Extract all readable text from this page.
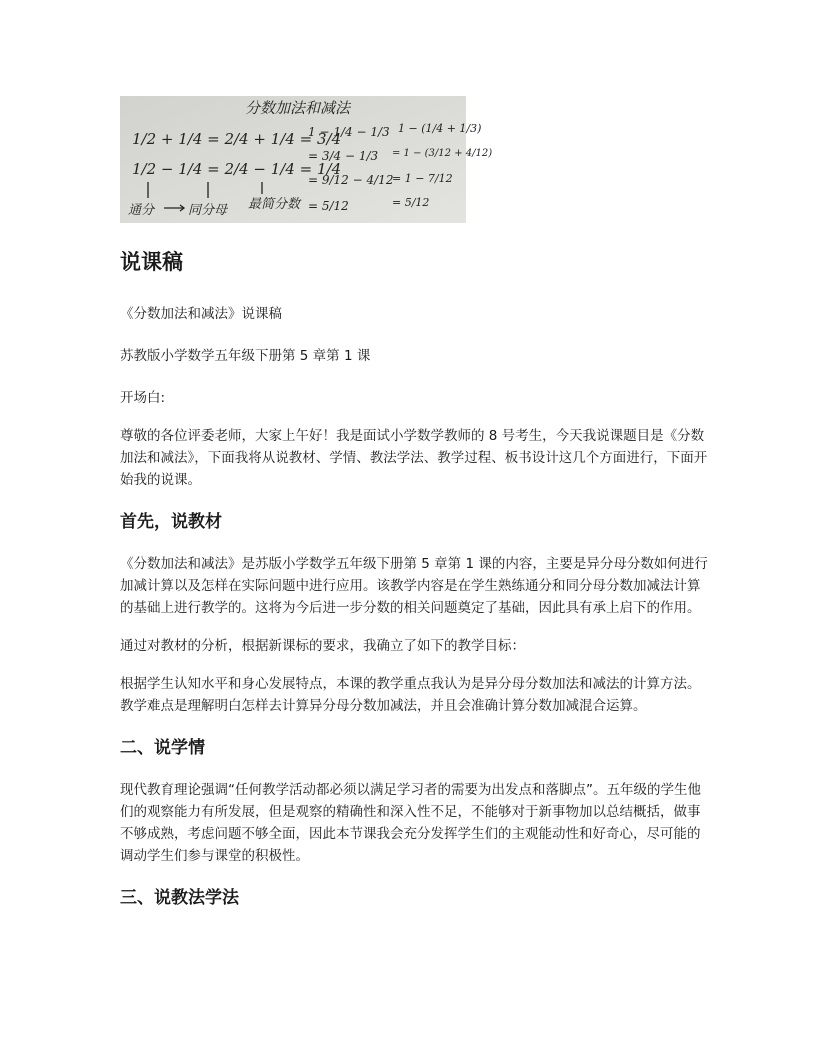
分数加法和减法
1/2 + 1/4 = 2/4 + 1/4 = 3/4
1/2 − 1/4 = 2/4 − 1/4 = 1/4
通分	同分母 最简分数
1 − 1/4 − 1/3
= 3/4 − 1/3
= 9/12 − 4/12
= 5/12
1 − (1/4 + 1/3)
= 1 − (3/12 + 4/12)
= 1 − 7/12
= 5/12
说课稿

《分数加法和减法》说课稿

苏教版小学数学五年级下册第 5 章第 1 课

开场白:

尊敬的各位评委老师，大家上午好！我是面试小学数学教师的 8 号考生，今天我说课题目是《分数加法和减法》，下面我将从说教材、学情、教法学法、教学过程、板书设计这几个方面进行，下面开始我的说课。

首先，说教材

《分数加法和减法》是苏版小学数学五年级下册第 5 章第 1 课的内容，主要是异分母分数如何进行加减计算以及怎样在实际问题中进行应用。该教学内容是在学生熟练通分和同分母分数加减法计算的基础上进行教学的。这将为今后进一步分数的相关问题奠定了基础，因此具有承上启下的作用。

通过对教材的分析，根据新课标的要求，我确立了如下的教学目标：

根据学生认知水平和身心发展特点，本课的教学重点我认为是异分母分数加法和减法的计算方法。教学难点是理解明白怎样去计算异分母分数加减法，并且会准确计算分数加减混合运算。

二、说学情

现代教育理论强调“任何教学活动都必须以满足学习者的需要为出发点和落脚点”。五年级的学生他们的观察能力有所发展，但是观察的精确性和深入性不足，不能够对于新事物加以总结概括，做事不够成熟，考虑问题不够全面，因此本节课我会充分发挥学生们的主观能动性和好奇心，尽可能的调动学生们参与课堂的积极性。

三、说教法学法
